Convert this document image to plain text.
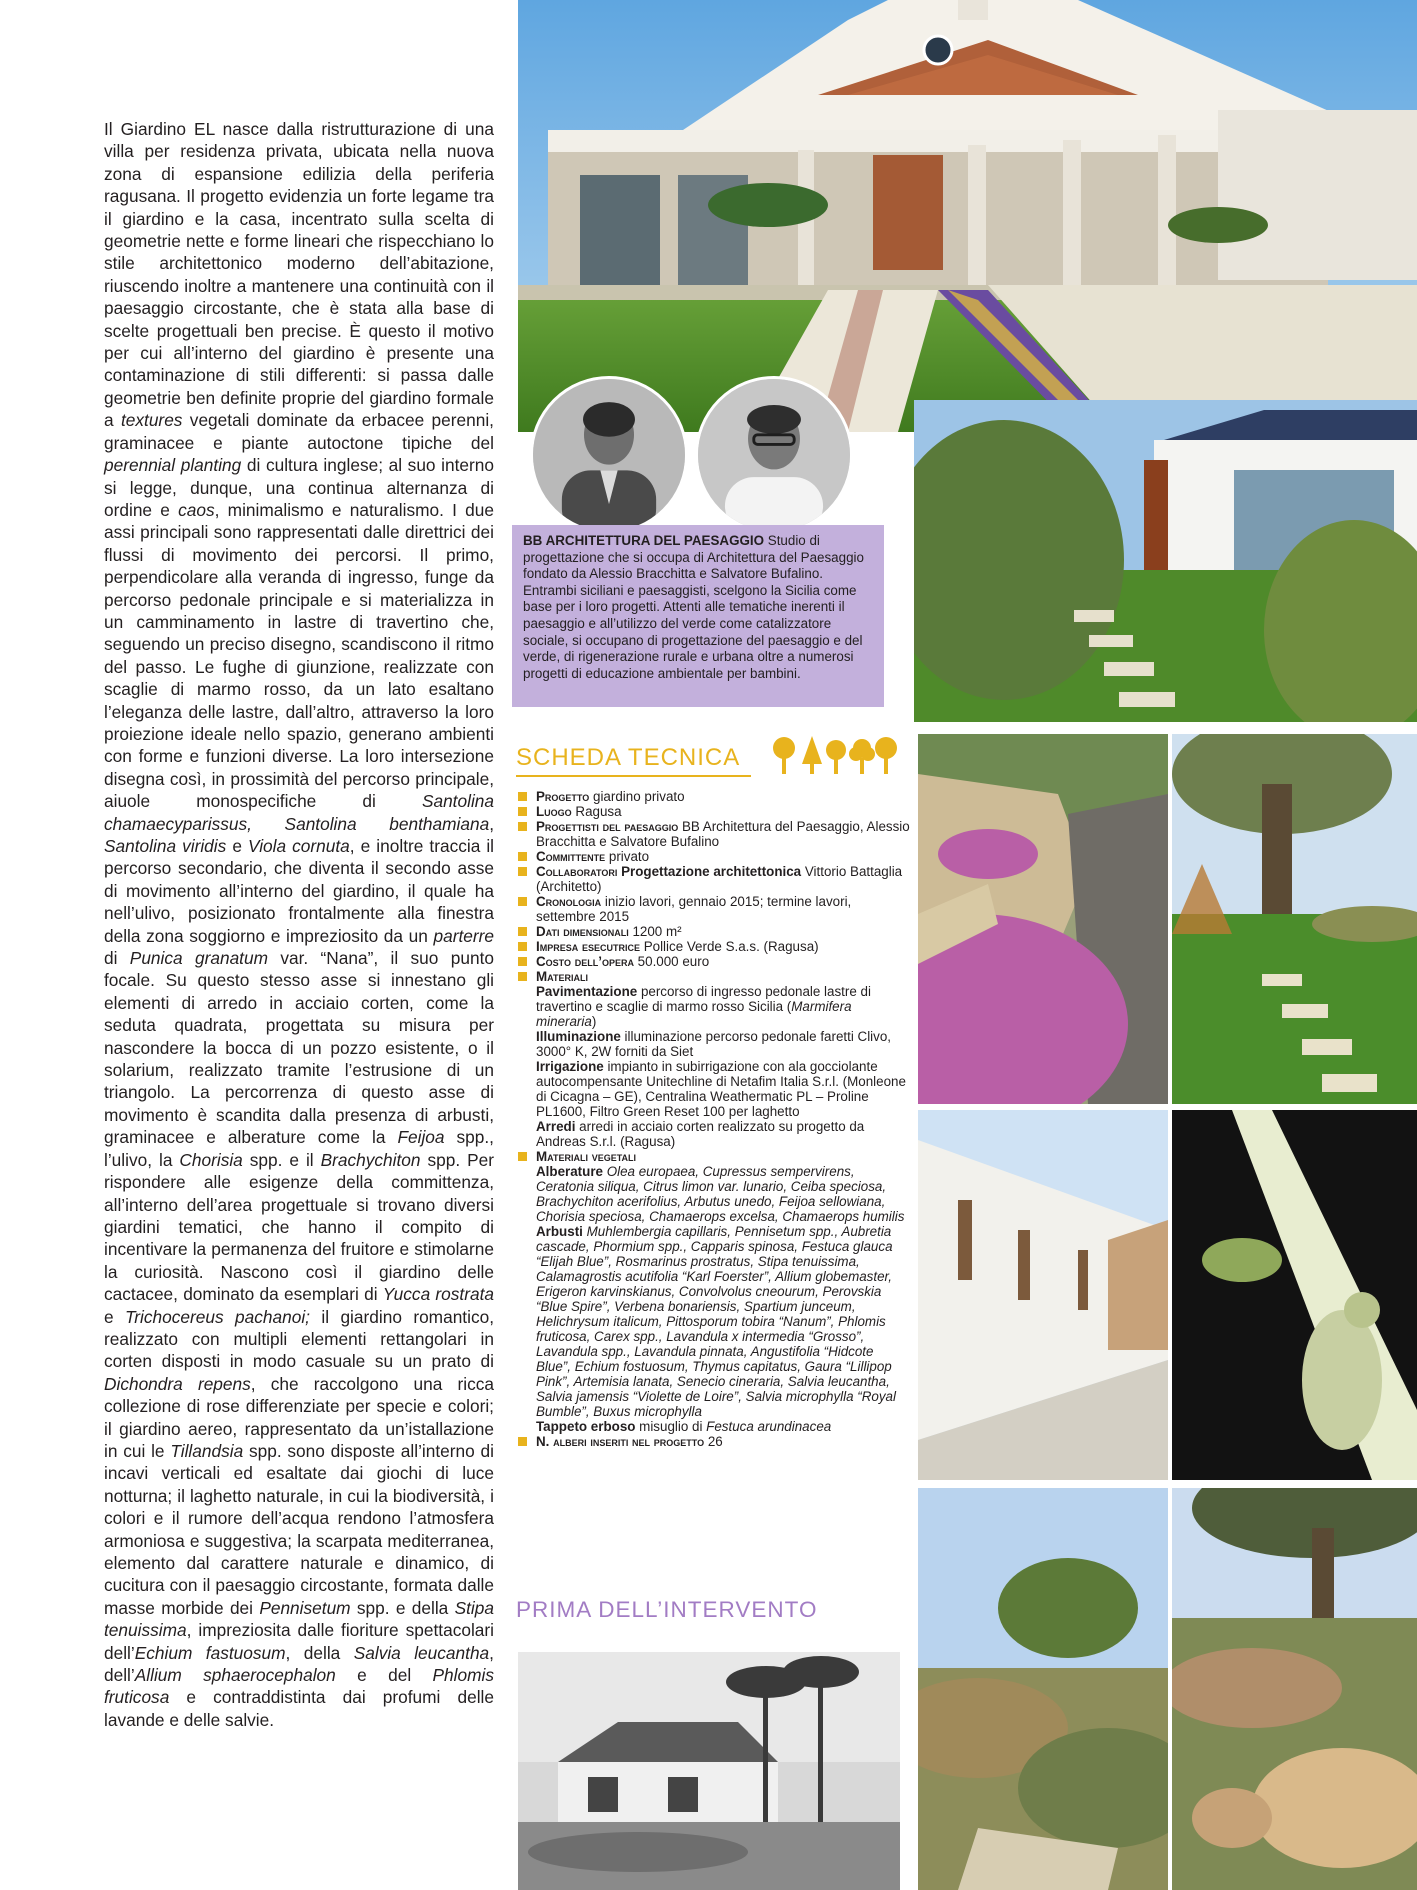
Il Giardino EL nasce dalla ristrutturazione di una villa per residenza privata, ubicata nella nuova zona di espansione edilizia della periferia ragusana. Il progetto evidenzia un forte legame tra il giardino e la casa, incentrato sulla scelta di geometrie nette e forme lineari che rispecchiano lo stile architettonico moderno dell’abitazione, riuscendo inoltre a mantenere una continuità con il paesaggio circostante, che è stata alla base di scelte progettuali ben precise. È questo il motivo per cui all’interno del giardino è presente una contaminazione di stili differenti: si passa dalle geometrie ben definite proprie del giardino formale a textures vegetali dominate da erbacee perenni, graminacee e piante autoctone tipiche del perennial planting di cultura inglese; al suo interno si legge, dunque, una continua alternanza di ordine e caos, minimalismo e naturalismo. I due assi principali sono rappresentati dalle direttrici dei flussi di movimento dei percorsi. Il primo, perpendicolare alla veranda di ingresso, funge da percorso pedonale principale e si materializza in un camminamento in lastre di travertino che, seguendo un preciso disegno, scandiscono il ritmo del passo. Le fughe di giunzione, realizzate con scaglie di marmo rosso, da un lato esaltano l’eleganza delle lastre, dall’altro, attraverso la loro proiezione ideale nello spazio, generano ambienti con forme e funzioni diverse. La loro intersezione disegna così, in prossimità del percorso principale, aiuole monospecifiche di Santolina chamaecyparissus, Santolina benthamiana, Santolina viridis e Viola cornuta, e inoltre traccia il percorso secondario, che diventa il secondo asse di movimento all’interno del giardino, il quale ha nell’ulivo, posizionato frontalmente alla finestra della zona soggiorno e impreziosito da un parterre di Punica granatum var. “Nana”, il suo punto focale. Su questo stesso asse si innestano gli elementi di arredo in acciaio corten, come la seduta quadrata, progettata su misura per nascondere la bocca di un pozzo esistente, o il solarium, realizzato tramite l’estrusione di un triangolo. La percorrenza di questo asse di movimento è scandita dalla presenza di arbusti, graminacee e alberature come la Feijoa spp., l’ulivo, la Chorisia spp. e il Brachychiton spp. Per rispondere alle esigenze della committenza, all’interno dell’area progettuale si trovano diversi giardini tematici, che hanno il compito di incentivare la permanenza del fruitore e stimolarne la curiosità. Nascono così il giardino delle cactacee, dominato da esemplari di Yucca rostrata e Trichocereus pachanoi; il giardino romantico, realizzato con multipli elementi rettangolari in corten disposti in modo casuale su un prato di Dichondra repens, che raccolgono una ricca collezione di rose differenziate per specie e colori; il giardino aereo, rappresentato da un’istallazione in cui le Tillandsia spp. sono disposte all’interno di incavi verticali ed esaltate dai giochi di luce notturna; il laghetto naturale, in cui la biodiversità, i colori e il rumore dell’acqua rendono l’atmosfera armoniosa e suggestiva; la scarpata mediterranea, elemento dal carattere naturale e dinamico, di cucitura con il paesaggio circostante, formata dalle masse morbide dei Pennisetum spp. e della Stipa tenuissima, impreziosita dalle fioriture spettacolari dell’Echium fastuosum, della Salvia leucantha, dell’Allium sphaerocephalon e del Phlomis fruticosa e contraddistinta dai profumi delle lavande e delle salvie.

BB ARCHITETTURA DEL PAESAGGIO Studio di progettazione che si occupa di Architettura del Paesaggio fondato da Alessio Bracchitta e Salvatore Bufalino. Entrambi siciliani e paesaggisti, scelgono la Sicilia come base per i loro progetti. Attenti alle tematiche inerenti il paesaggio e all’utilizzo del verde come catalizzatore sociale, si occupano di progettazione del paesaggio e del verde, di rigenerazione rurale e urbana oltre a numerosi progetti di educazione ambientale per bambini.
SCHEDA TECNICA
Progetto giardino privato
Luogo Ragusa
Progettisti del paesaggio BB Architettura del Paesaggio, Alessio Bracchitta e Salvatore Bufalino
Committente privato
Collaboratori Progettazione architettonica Vittorio Battaglia (Architetto)
Cronologia inizio lavori, gennaio 2015; termine lavori, settembre 2015
Dati dimensionali 1200 m²
Impresa esecutrice Pollice Verde S.a.s. (Ragusa)
Costo dell’opera 50.000 euro
Materiali
Pavimentazione percorso di ingresso pedonale lastre di travertino e scaglie di marmo rosso Sicilia (Marmifera mineraria)
Illuminazione illuminazione percorso pedonale faretti Clivo, 3000° K, 2W forniti da Siet
Irrigazione impianto in subirrigazione con ala gocciolante autocompensante Unitechline di Netafim Italia S.r.l. (Monleone di Cicagna – GE), Centralina Weathermatic PL – Proline PL1600, Filtro Green Reset 100 per laghetto
Arredi arredi in acciaio corten realizzato su progetto da Andreas S.r.l. (Ragusa)
Materiali vegetali
Alberature Olea europaea, Cupressus sempervirens, Ceratonia siliqua, Citrus limon var. lunario, Ceiba speciosa, Brachychiton acerifolius, Arbutus unedo, Feijoa sellowiana, Chorisia speciosa, Chamaerops excelsa, Chamaerops humilis
Arbusti Muhlembergia capillaris, Pennisetum spp., Aubretia cascade, Phormium spp., Capparis spinosa, Festuca glauca “Elijah Blue”, Rosmarinus prostratus, Stipa tenuissima, Calamagrostis acutifolia “Karl Foerster”, Allium globemaster, Erigeron karvinskianus, Convolvolus cneourum, Perovskia “Blue Spire”, Verbena bonariensis, Spartium junceum, Helichrysum italicum, Pittosporum tobira “Nanum”, Phlomis fruticosa, Carex spp., Lavandula x intermedia “Grosso”, Lavandula spp., Lavandula pinnata, Angustifolia “Hidcote Blue”, Echium fostuosum, Thymus capitatus, Gaura “Lillipop Pink”, Artemisia lanata, Senecio cineraria, Salvia leucantha, Salvia jamensis “Violette de Loire”, Salvia microphylla “Royal Bumble”, Buxus microphylla
Tappeto erboso misuglio di Festuca arundinacea
N. alberi inseriti nel progetto 26
PRIMA DELL’INTERVENTO
